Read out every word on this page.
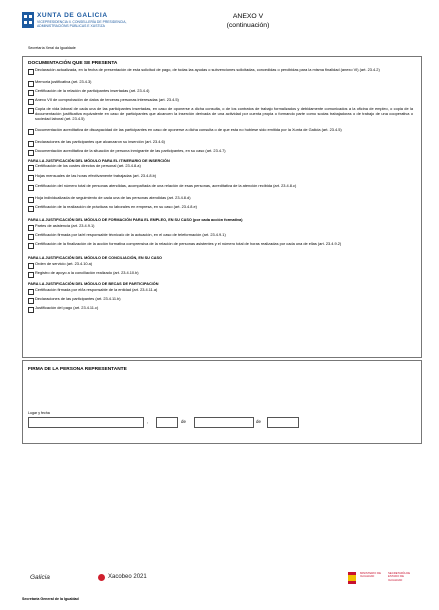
XUNTA DE GALICIA
VICEPRESIDENCIA II. CONSELLERÍA DE PRESIDENCIA, ADMINISTRACIÓNS PÚBLICAS E XUSTIZA
Secretaría Xeral da Igualdade
ANEXO V
(continuación)
DOCUMENTACIÓN QUE SE PRESENTA
Declaración actualizada, en la fecha de presentación de esta solicitud de pago, de todas las ayudas o subvenciones solicitadas, concedidas o percibidas para la misma finalidad (anexo VI) (art. 23.4.2)
Memoria justificativa (art. 23.4.3)
Certificación de la relación de participantes insertadas (art. 23.4.4)
Anexo VII de comprobación de datos de terceras personas interesadas (art. 23.4.5)
Copia de vida laboral de cada una de las participantes insertadas, en caso de oponerse a dicha consulta, o de los contratos de trabajo formalizados y debidamente comunicados a la oficina de empleo, o copia de la documentación justificativa equivalente en caso de participantes que alcancen la inserción derivada de una actividad por cuenta propia o formando parte como socias trabajadoras o de trabajo de una cooperativa o sociedad laboral (art. 23.4.5)
Documentación acreditativa de discapacidad de las participantes en caso de oponerse a dicha consulta o de que esta no hubiese sido emitida por la Xunta de Galicia (art. 23.4.5)
Declaraciones de las participantes que alcanzaron su inserción (art. 23.4.6)
Documentación acreditativa de la situación de persona inmigrante de las participantes, en su caso (art. 23.4.7)
PARA LA JUSTIFICACIÓN DEL MÓDULO PARA EL ITINERARIO DE INSERCIÓN
Certificación de los costes directos de personal (art. 23.4.8.a)
Hojas mensuales de las horas efectivamente trabajadas (art. 23.4.8.b)
Certificación del número total de personas atendidas, acompañada de una relación de esas personas, acreditativa de la atención recibida (art. 23.4.8.c)
Hoja individualizada de seguimiento de cada una de las personas atendidas (art. 23.4.8.d)
Certificación de la realización de prácticas no laborales en empresa, en su caso (art. 23.4.8.e)
PARA LA JUSTIFICACIÓN DEL MÓDULO DE FORMACIÓN PARA EL EMPLEO, EN SU CASO (por cada acción formativa)
Partes de asistencia (art. 23.4.9.1)
Certificación firmada por la/el responsable técnica/o de la actuación, en el caso de teleformación (art. 23.4.9.1)
Certificación de la finalización de la acción formativa comprensiva de la relación de personas asistentes y el número total de horas realizadas por cada una de ellas (art. 23.4.9.2)
PARA LA JUSTIFICACIÓN DEL MÓDULO DE CONCILIACIÓN, EN SU CASO
Orden de servicio (art. 23.4.10.a)
Registro de apoyo a la conciliación realizado (art. 23.4.10.b)
PARA LA JUSTIFICACIÓN DEL MÓDULO DE BECAS DE PARTICIPACIÓN
Certificación firmada por el/la responsable de la entidad (art. 23.4.11.a)
Declaraciones de las participantes (art. 23.4.11.b)
Justificación del pago (art. 23.4.11.c)
FIRMA DE LA PERSONA REPRESENTANTE
Lugar y fecha
,	de	de
Galicia	Xacobeo 2021
MINISTERIO DE IGUALDAD
SECRETARÍA DE ESTADO DE IGUALDAD
Secretaría General de la Igualdad
